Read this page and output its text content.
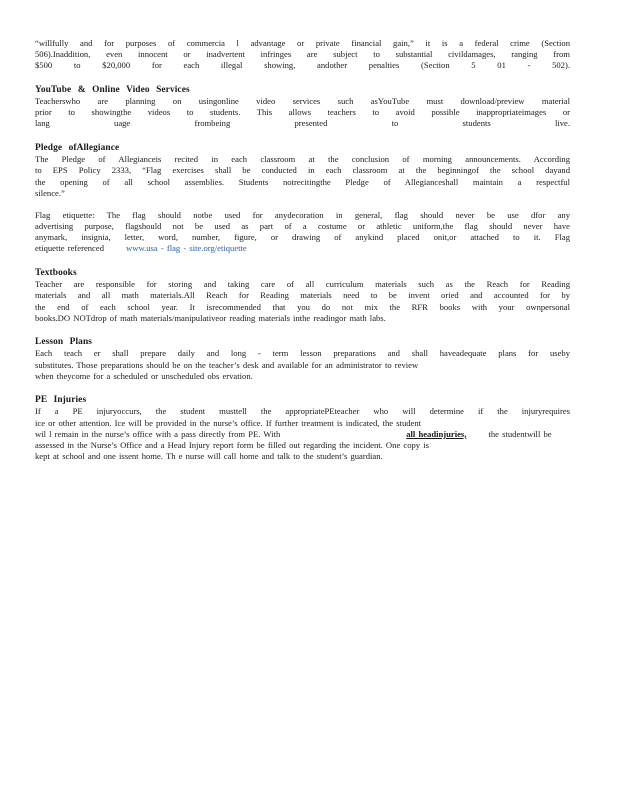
“willfully and for purposes of commercia l advantage or private financial gain,” it is a federal crime (Section
506).Inaddition, even innocent or inadvertent infringes are subject to substantial civildamages, ranging from
$500 to $20,000 for each illegal showing, andother penalties (Section 5 01 - 502).
YouTube & Online Video Services
Teacherswho are planning on usingonline video services such asYouTube must download/preview material
prior to showingthe videos to students. This allows teachers to avoid possible inappropriateimages or
lang uage frombeing presented to students live.
Pledge ofAllegiance
The Pledge of Allegianceis recited in each classroom at the conclusion of morning announcements. According
to EPS Policy 2333, “Flag exercises shall be conducted in each classroom at the beginningof the school dayand
the opening of all school assemblies. Students notrecitingthe Pledge of Allegianceshall maintain a respectful
silence.”
Flag etiquette: The flag should notbe used for anydecoration in general, flag should never be use dfor any
advertising purpose, flagshould not be used as part of a costume or athletic uniform,the flag should never have
anymark, insignia, letter, word, number, figure, or drawing of anykind placed onit,or attached to it. Flag
etiquette referenced	www.usa - flag - site.org/etiquette
Textbooks
Teacher are responsible for storing and taking care of all curriculum materials such as the Reach for Reading
materials and all math materials.All Reach for Reading materials need to be invent oried and accounted for by
the end of each school year. It isrecommended that you do not mix the RFR books with your ownpersonal
books.DO NOTdrop of math materials/manipulativeor reading materials inthe readingor math labs.
Lesson Plans
Each teach er shall prepare daily and long - term lesson preparations and shall haveadequate plans for useby
substitutes. Those preparations should be on the teacher’s desk and available for an administrator to review
when theycome for a scheduled or unscheduled obs ervation.
PE Injuries
If a PE injuryoccurs, the student musttell the appropriatePEteacher who will determine if the injuryrequires
ice or other attention. Ice will be provided in the nurse’s office. If further treatment is indicated, the student
wil l remain in the nurse’s office with a pass directly from PE. With	all headinjuries,	the studentwill be
assessed in the Nurse’s Office and a Head Injury report form be filled out regarding the incident. One copy is
kept at school and one issent home. Th e nurse will call home and talk to the student’s guardian.
